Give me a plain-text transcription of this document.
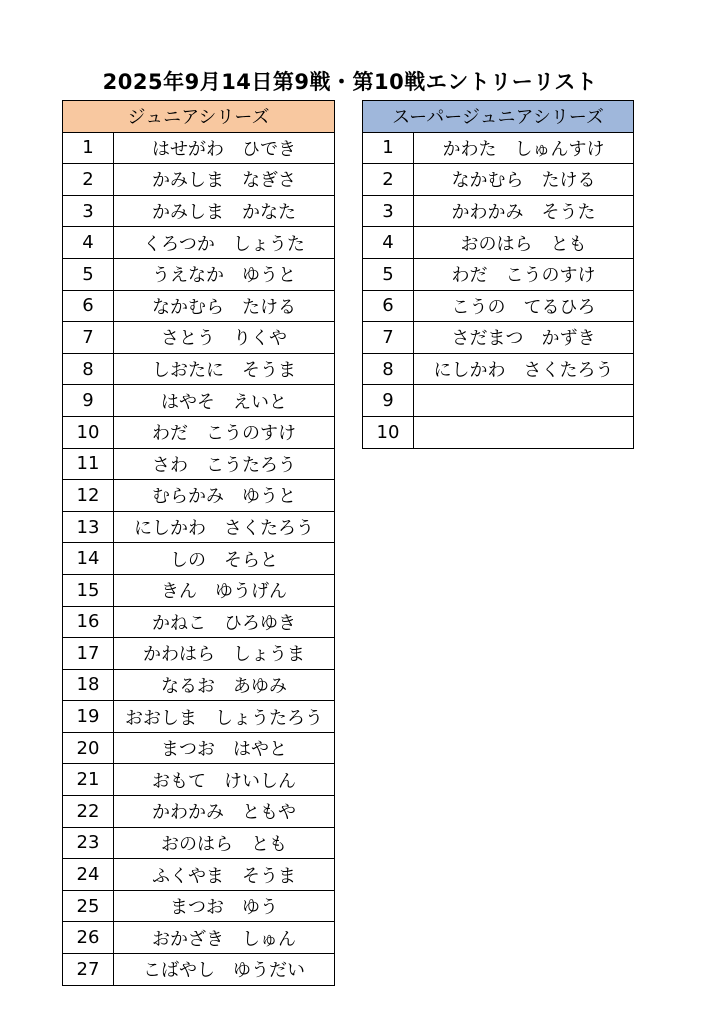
2025年9月14日第9戦・第10戦エントリーリスト
ジュニアシリーズ	
1	はせがわ　ひでき
2	かみしま　なぎさ
3	かみしま　かなた
4	くろつか　しょうた
5	うえなか　ゆうと
6	なかむら　たける
7	さとう　りくや
8	しおたに　そうま
9	はやそ　えいと
10	わだ　こうのすけ
11	さわ　こうたろう
12	むらかみ　ゆうと
13	にしかわ　さくたろう
14	しの　そらと
15	きん　ゆうげん
16	かねこ　ひろゆき
17	かわはら　しょうま
18	なるお　あゆみ
19	おおしま　しょうたろう
20	まつお　はやと
21	おもて　けいしん
22	かわかみ　ともや
23	おのはら　とも
24	ふくやま　そうま
25	まつお　ゆう
26	おかざき　しゅん
27	こばやし　ゆうだい
スーパージュニアシリーズ	
1	かわた　しゅんすけ
2	なかむら　たける
3	かわかみ　そうた
4	おのはら　とも
5	わだ　こうのすけ
6	こうの　てるひろ
7	さだまつ　かずき
8	にしかわ　さくたろう
9	
10	
